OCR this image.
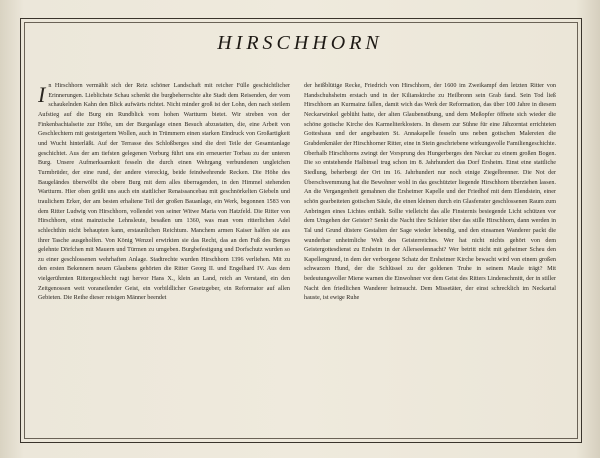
HIRSCHHORN
In Hirschhorn vermählt sich der Reiz schöner Landschaft mit reicher Fülle geschichtlicher Erinnerungen. Lieblichste Schau schenkt die burgbeherrschte alte Stadt dem Reisenden, der vom schaukelnden Kahn den Blick aufwärts richtet. Nicht minder groß ist der Lohn, den nach steilem Aufstieg auf die Burg ein Rundblick vom hohen Wartturm bietet. Wir streben von der Finkenbachtalseite zur Höhe, um der Burganlage einen Besuch abzustatten, die, eine Arbeit von Geschlechtern mit gesteigertem Wollen, auch in Trümmern einen starken Eindruck von Großartigkeit und Wucht hinterläßt. Auf der Terrasse des Schloßberges sind die drei Teile der Gesamtanlage geschichtet. Aus der am tiefsten gelegenen Vorburg führt uns ein erneuerter Torbau zu der unteren Burg. Unsere Aufmerksamkeit fesseln die durch einen Wehrgang verbundenen ungleichen Turmbrüder, der eine rund, der andere viereckig, beide feindwehrende Recken. Die Höhe des Baugeländes überwölbt die obere Burg mit dem alles überragenden, in den Himmel stehenden Wartturm. Hier oben grüßt uns auch ein stattlicher Renaissancebau mit geschnörkelten Giebeln und traulichem Erker, der am besten erhaltene Teil der großen Bauanlage, ein Werk, begonnen 1583 von dem Ritter Ludwig von Hirschhorn, vollendet von seiner Witwe Maria von Hatzfeld. Die Ritter von Hirschhorn, einst mainzische Lehnsleute, besaßen um 1360, was man vom ritterlichen Adel schlechthin nicht behaupten kann, erstaunlichen Reichtum. Manchem armen Kaiser halfen sie aus ihrer Tasche ausgeholfen. Von König Wenzel erwirkten sie das Recht, das an den Fuß des Berges gelehnte Dörfchen mit Mauern und Türmen zu umgeben. Burgbefestigung und Dorfschutz wurden so zu einer geschlossenen wehrhaften Anlage. Stadtrechte wurden Hirschhorn 1396 verliehen. Mit zu den ersten Bekennern neuen Glaubens gehörten die Ritter Georg II. und Engelhard IV. Aus dem vielgerühmten Rittergeschlecht ragt hervor Hans X., klein an Land, reich an Verstand, ein den Zeitgenossen weit voraneilender Geist, ein vorbildlicher Gesetzgeber, ein Reformator auf allen Gebieten. Die Reihe dieser reisigen Männer beendet
der heißblütige Recke, Friedrich von Hirschhorn, der 1600 im Zweikampf den letzten Ritter von Handschuhsheim erstach und in der Kilianskirche zu Heilbronn sein Grab fand. Sein Tod ließ Hirschhorn an Kurmainz fallen, damit wich das Werk der Reformation, das über 100 Jahre in diesem Neckarwinkel geblüht hatte, der alten Glaubensübung, und dem Meßopfer öffnete sich wieder die schöne gotische Kirche des Karmeliterklosters. In diesem zur Sühne für eine Jähzorntat errichteten Gotteshaus und der angebauten St. Annakapelle fesseln uns neben gotischen Malereien die Grabdenkmäler der Hirschhorner Ritter, eine in Stein geschriebene wirkungsvolle Familiengeschichte. Oberhalb Hirschhorns zwingt der Vorsprung des Hungerberges den Neckar zu einem großen Bogen. Die so entstehende Halbinsel trug schon im 8. Jahrhundert das Dorf Ersheim. Einst eine stattliche Siedlung, beherbergt der Ort im 16. Jahrhundert nur noch einige Ziegelbrenner. Die Not der Überschwemmung hat die Bewohner wohl in das geschützter liegende Hirschhorn überziehen lassen. An die Vergangenheit gemahnen die Ersheimer Kapelle und der Friedhof mit dem Elendstein, einer schön gearbeiteten gotischen Säule, die einen kleinen durch ein Glasfenster geschlossenen Raum zum Anbringen eines Lichtes enthält. Sollte vielleicht das alle Finsternis besiegende Licht schützen vor dem Umgehen der Geister? Senkt die Nacht ihre Schleier über das stille Hirschhorn, dann werden in Tal und Grund düstere Gestalten der Sage wieder lebendig, und den einsamen Wanderer packt die wunderbar unheimliche Welt des Geisterreiches. Wer hat nicht nichts gehört von dem Geistergottesdienst zu Ersheim in der Allerseelennacht? Wer betritt nicht mit geheimer Scheu den Kapellengrund, in dem der verborgene Schatz der Ersheimer Kirche bewacht wird von einem großen schwarzen Hund, der die Schlüssel zu der goldenen Truhe in seinem Maule trägt? Mit bedeutungsvoller Miene warnen die Einwohner vor dem Geist des Ritters Lindenschmitt, der in stiller Nacht den friedlichen Wanderer heimsucht. Dem Missetäter, der einst schrecklich im Neckartal hauste, ist ewige Ruhe
